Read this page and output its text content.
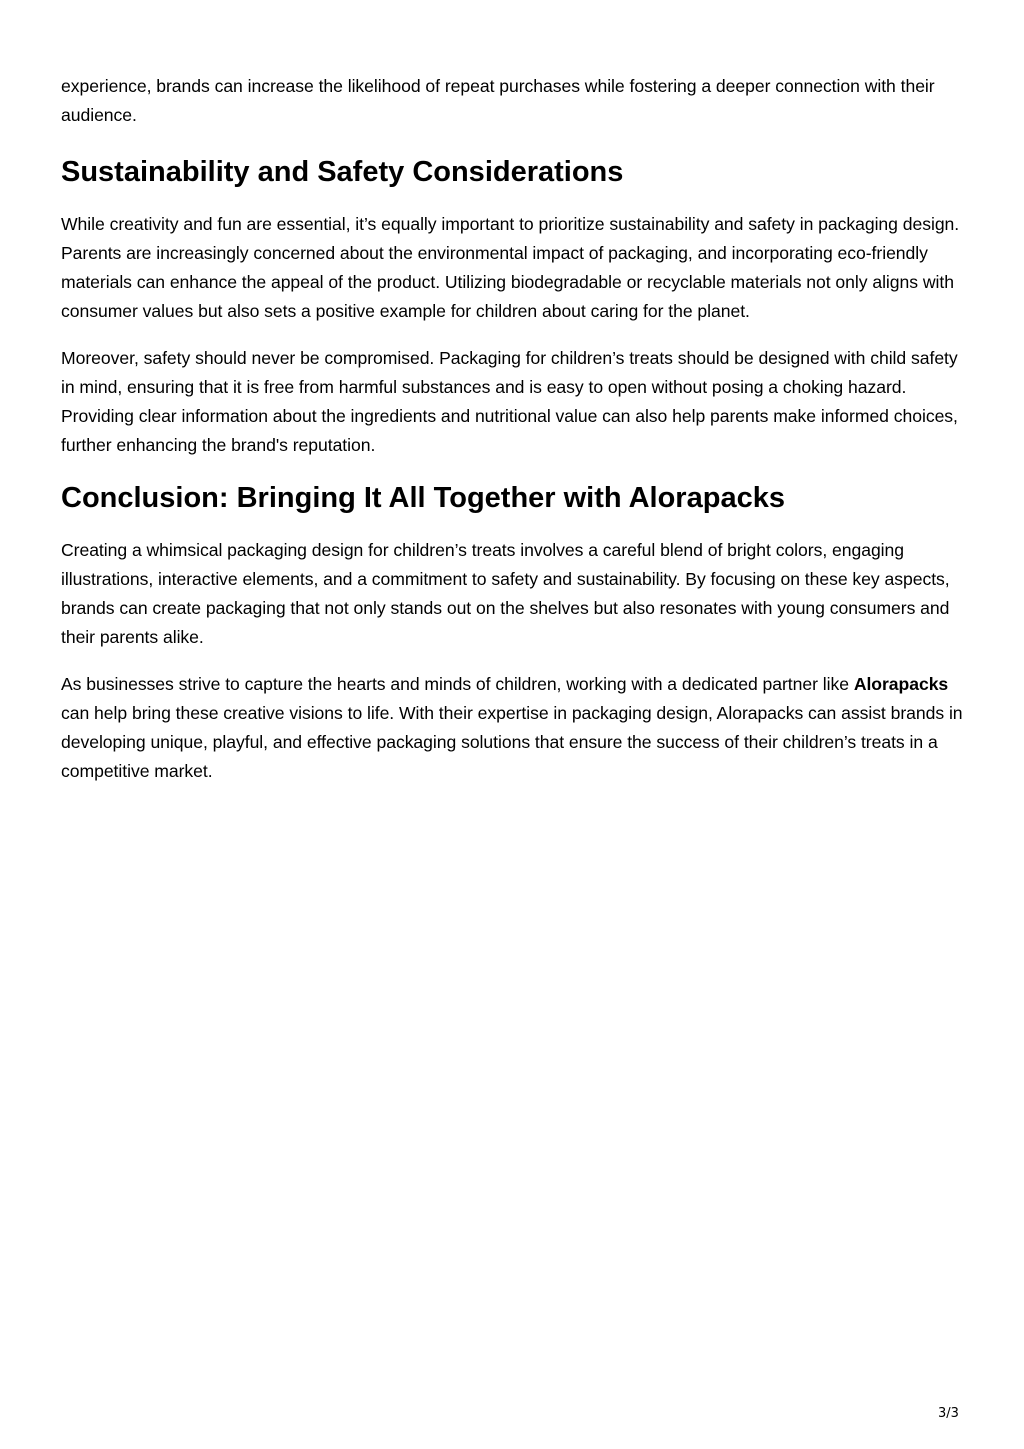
experience, brands can increase the likelihood of repeat purchases while fostering a deeper connection with their audience.

Sustainability and Safety Considerations

While creativity and fun are essential, it’s equally important to prioritize sustainability and safety in packaging design. Parents are increasingly concerned about the environmental impact of packaging, and incorporating eco-friendly materials can enhance the appeal of the product. Utilizing biodegradable or recyclable materials not only aligns with consumer values but also sets a positive example for children about caring for the planet.

Moreover, safety should never be compromised. Packaging for children’s treats should be designed with child safety in mind, ensuring that it is free from harmful substances and is easy to open without posing a choking hazard. Providing clear information about the ingredients and nutritional value can also help parents make informed choices, further enhancing the brand's reputation.

Conclusion: Bringing It All Together with Alorapacks

Creating a whimsical packaging design for children’s treats involves a careful blend of bright colors, engaging illustrations, interactive elements, and a commitment to safety and sustainability. By focusing on these key aspects, brands can create packaging that not only stands out on the shelves but also resonates with young consumers and their parents alike.

As businesses strive to capture the hearts and minds of children, working with a dedicated partner like Alorapacks can help bring these creative visions to life. With their expertise in packaging design, Alorapacks can assist brands in developing unique, playful, and effective packaging solutions that ensure the success of their children’s treats in a competitive market.

3/3
